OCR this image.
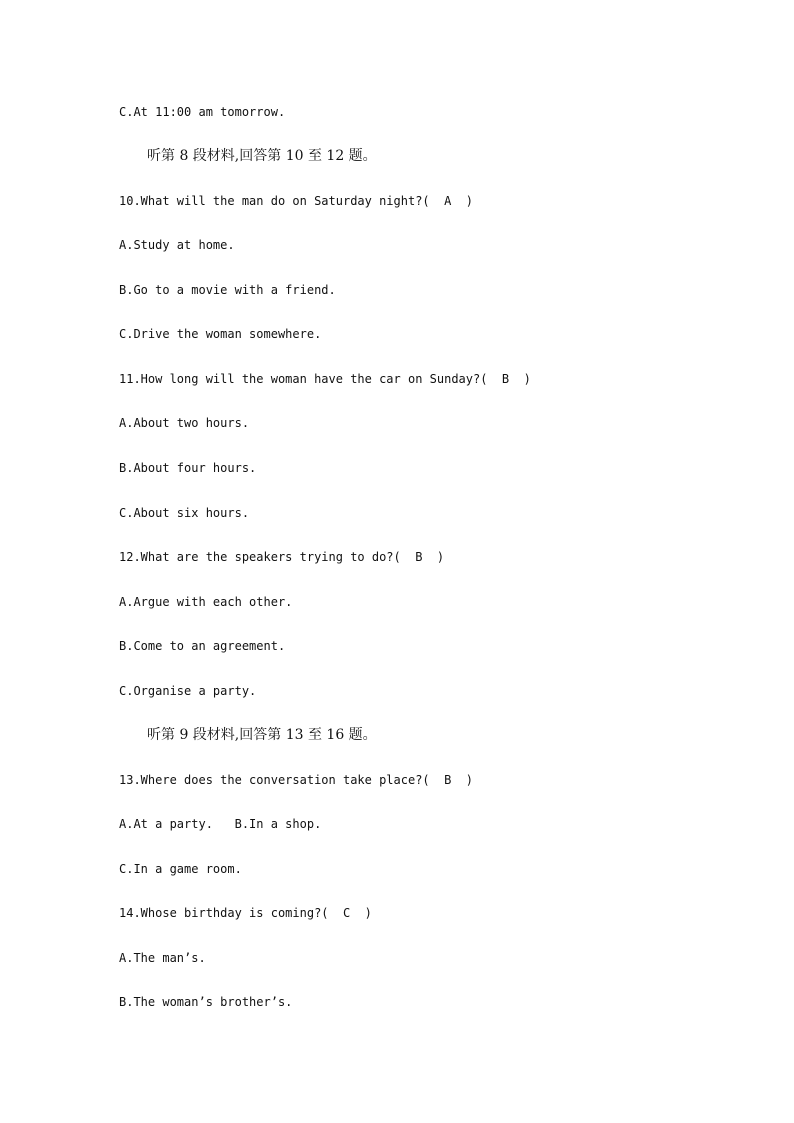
C.At 11:00 am tomorrow.
听第 8 段材料,回答第 10 至 12 题。
10.What will the man do on Saturday night?(  A  )
A.Study at home.
B.Go to a movie with a friend.
C.Drive the woman somewhere.
11.How long will the woman have the car on Sunday?(  B  )
A.About two hours.
B.About four hours.
C.About six hours.
12.What are the speakers trying to do?(  B  )
A.Argue with each other.
B.Come to an agreement.
C.Organise a party.
听第 9 段材料,回答第 13 至 16 题。
13.Where does the conversation take place?(  B  )
A.At a party.   B.In a shop.
C.In a game room.
14.Whose birthday is coming?(  C  )
A.The man’s.
B.The woman’s brother’s.
